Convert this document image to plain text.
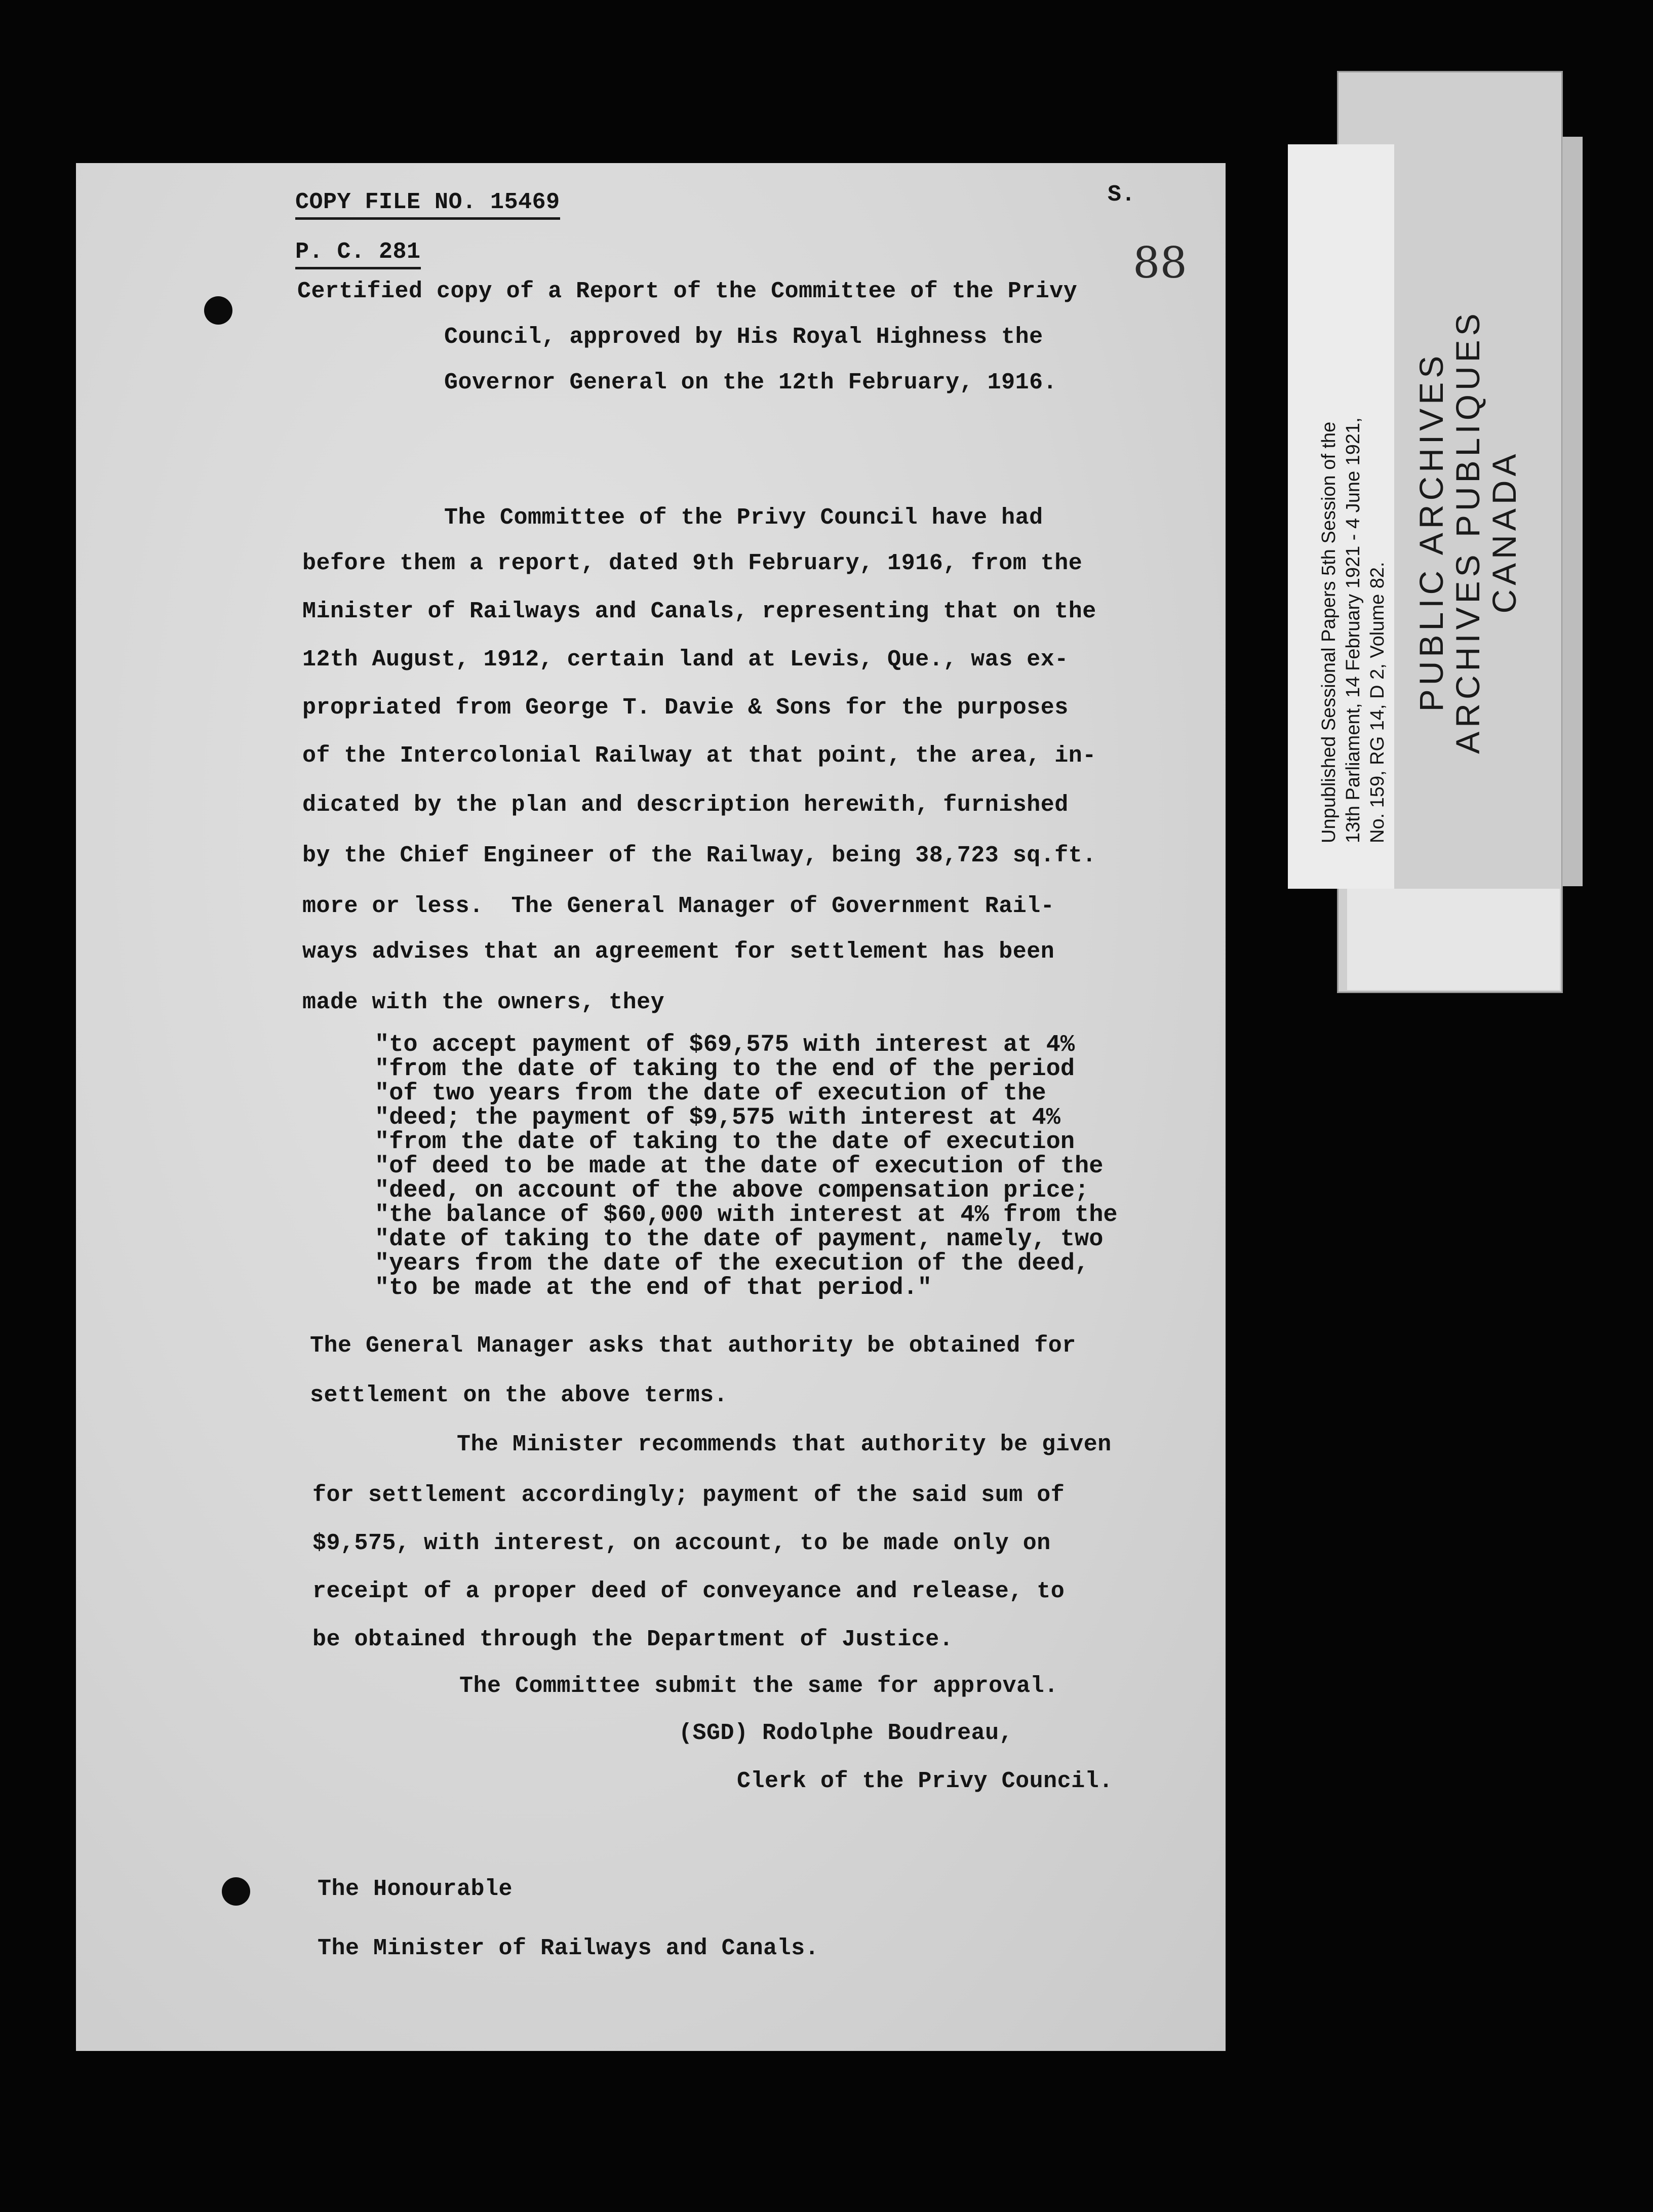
COPY FILE NO. 15469	S.
P. C. 281	88
Certified copy of a Report of the Committee of the Privy
Council, approved by His Royal Highness the
Governor General on the 12th February, 1916.
The Committee of the Privy Council have had
before them a report, dated 9th February, 1916, from the
Minister of Railways and Canals, representing that on the
12th August, 1912, certain land at Levis, Que., was ex-
propriated from George T. Davie & Sons for the purposes
of the Intercolonial Railway at that point, the area, in-
dicated by the plan and description herewith, furnished
by the Chief Engineer of the Railway, being 38,723 sq.ft.
more or less.  The General Manager of Government Rail-
ways advises that an agreement for settlement has been
made with the owners, they
"to accept payment of $69,575 with interest at 4%
"from the date of taking to the end of the period
"of two years from the date of execution of the
"deed; the payment of $9,575 with interest at 4%
"from the date of taking to the date of execution
"of deed to be made at the date of execution of the
"deed, on account of the above compensation price;
"the balance of $60,000 with interest at 4% from the
"date of taking to the date of payment, namely, two
"years from the date of the execution of the deed,
"to be made at the end of that period."
The General Manager asks that authority be obtained for
settlement on the above terms.
The Minister recommends that authority be given
for settlement accordingly; payment of the said sum of
$9,575, with interest, on account, to be made only on
receipt of a proper deed of conveyance and release, to
be obtained through the Department of Justice.
The Committee submit the same for approval.
(SGD) Rodolphe Boudreau,
Clerk of the Privy Council.
The Honourable
The Minister of Railways and Canals.
Unpublished Sessional Papers 5th Session of the 13th Parliament, 14 February 1921 - 4 June 1921, No. 159, RG 14, D 2, Volume 82. PUBLIC ARCHIVES
ARCHIVES PUBLIQUES
CANADA
